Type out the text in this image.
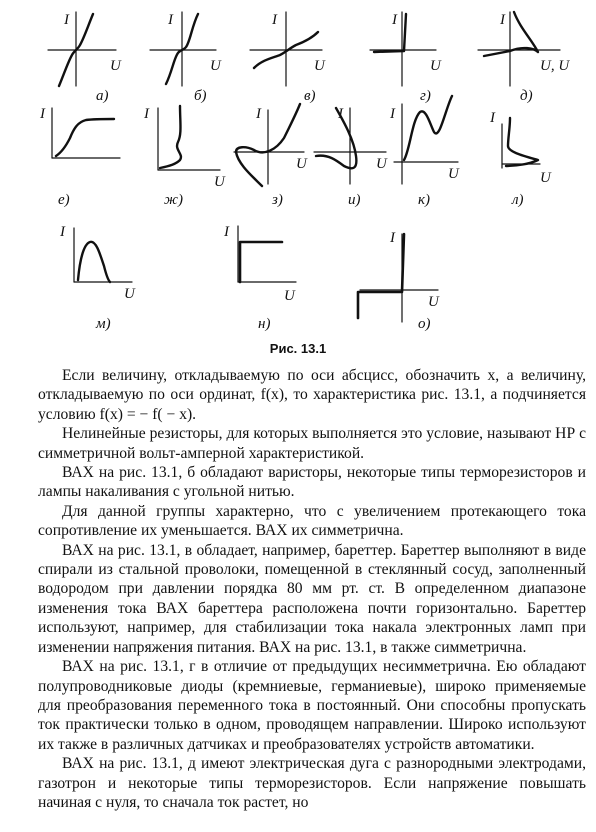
I
U
I
U
I
U
I
U
I
U, U
I	I
U
I
U
I
U
I
U
I
U
I
U
I
U
I
U
а)	б)	в)	г)	д)
е)	ж)	з)	и)	к)	л)
м)	н)	о)
Рис. 13.1

Если величину, откладываемую по оси абсцисс, обозначить x, а величину, откладываемую по оси ординат, f(x), то характеристика рис. 13.1, а подчиняется условию f(x) = − f( − x).

Нелинейные резисторы, для которых выполняется это условие, называют НР с симметричной вольт-амперной характеристикой.

ВАХ на рис. 13.1, б обладают варисторы, некоторые типы терморезисторов и лампы накаливания с угольной нитью.

Для данной группы характерно, что с увеличением протекающего тока сопротивление их уменьшается. ВАХ их симметрична.

ВАХ на рис. 13.1, в обладает, например, бареттер. Бареттер выполняют в виде спирали из стальной проволоки, помещенной в стеклянный сосуд, заполненный водородом при давлении порядка 80 мм рт. ст. В определенном диапазоне изменения тока ВАХ бареттера расположена почти горизонтально. Бареттер используют, например, для стабилизации тока накала электронных ламп при изменении напряжения питания. ВАХ на рис. 13.1, в также симметрична.

ВАХ на рис. 13.1, г в отличие от предыдущих несимметрична. Ею обладают полупроводниковые диоды (кремниевые, германиевые), широко применяемые для преобразования переменного тока в постоянный. Они способны пропускать ток практически только в одном, проводящем направлении. Широко используют их также в различных датчиках и преобразователях устройств автоматики.

ВАХ на рис. 13.1, д имеют электрическая дуга с разнородными электродами, газотрон и некоторые типы терморезисторов. Если напряжение повышать начиная с нуля, то сначала ток растет, но
